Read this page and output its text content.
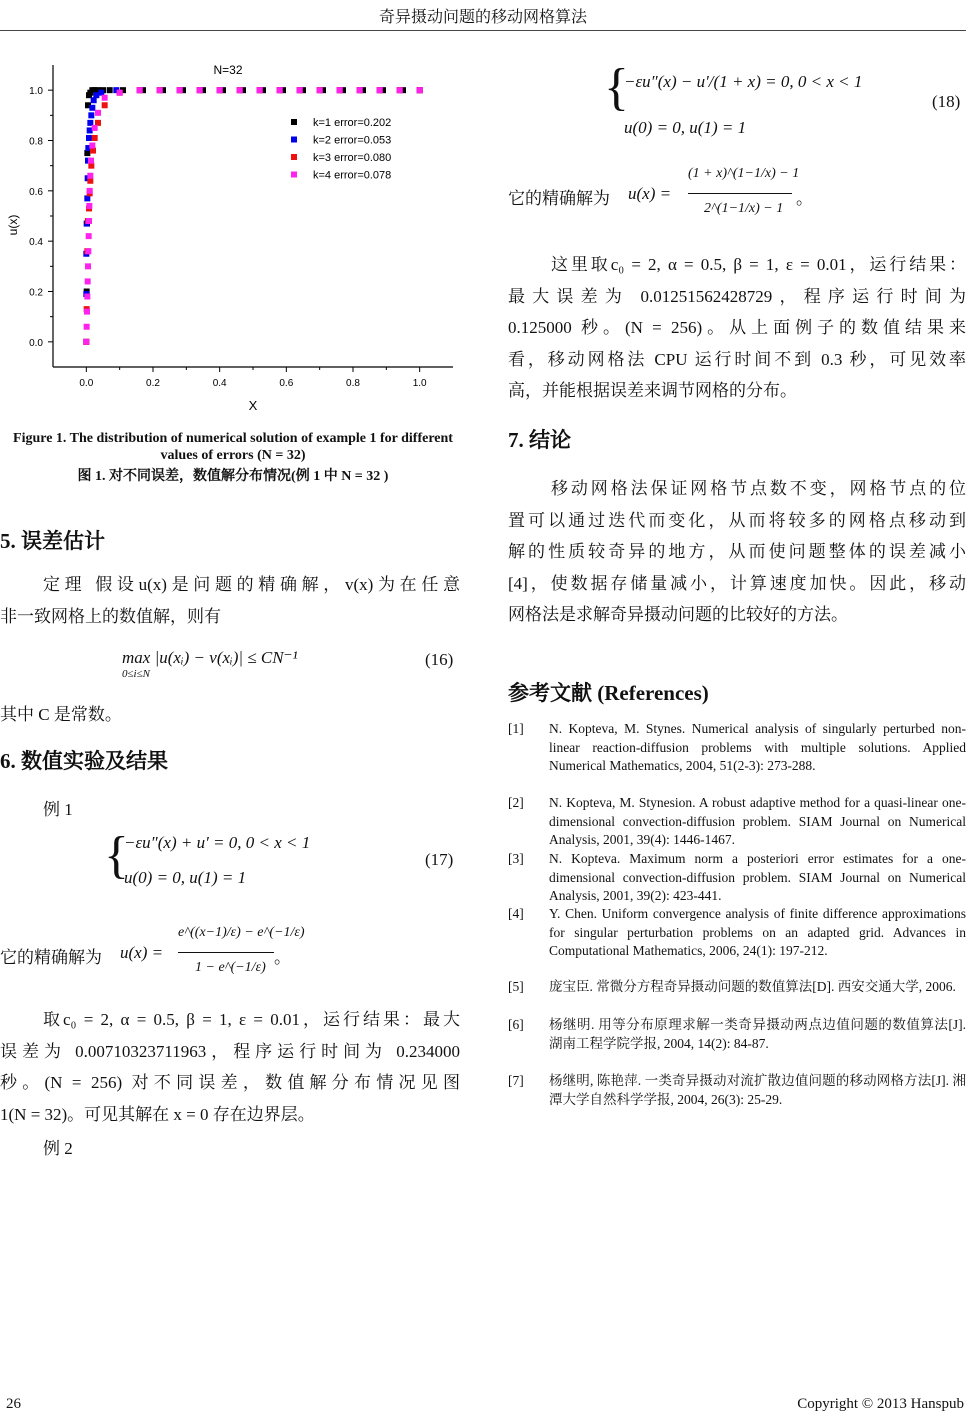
奇异摄动问题的移动网格算法
0.0	0.2	0.4	0.6	0.8	1.0
0.0
0.2
0.4
0.6
0.8
1.0
N=32
X
u(x)
k=1 error=0.202
k=2 error=0.053
k=3 error=0.080
k=4 error=0.078
Figure 1. The distribution of numerical solution of example 1 for different values of errors (N = 32)
图 1. 对不同误差，数值解分布情况(例 1 中 N = 32 )
5. 误差估计
定理 假设u(x)是问题的精确解，v(x)为在任意
非一致网格上的数值解，则有
max |u(xᵢ) − v(xᵢ)| ≤ CN⁻¹
0≤i≤N
(16)
其中 C 是常数。
6. 数值实验及结果
例 1
{
−εu″(x) + u′ = 0, 0 < x < 1
u(0) = 0, u(1) = 1
(17)
它的精确解为 u(x) =
e^((x−1)/ε) − e^(−1/ε)
1 − e^(−1/ε)
。
取c₀ = 2, α = 0.5, β = 1, ε = 0.01，运行结果：最大
误差为 0.00710323711963，程序运行时间为 0.234000
秒。(N = 256) 对不同误差，数值解分布情况见图
1(N = 32)。可见其解在 x = 0 存在边界层。
例 2
{
−εu″(x) − u′/(1 + x) = 0, 0 < x < 1
u(0) = 0, u(1) = 1
(18)
它的精确解为 u(x) =
(1 + x)^(1−1/x) − 1
2^(1−1/x) − 1
。
这里取c₀ = 2, α = 0.5, β = 1, ε = 0.01，运行结果：
最大误差为 0.01251562428729，程序运行时间为
0.125000 秒。(N = 256)。从上面例子的数值结果来
看，移动网格法 CPU 运行时间不到 0.3 秒，可见效率
高，并能根据误差来调节网格的分布。
7. 结论
移动网格法保证网格节点数不变，网格节点的位
置可以通过迭代而变化，从而将较多的网格点移动到
解的性质较奇异的地方，从而使问题整体的误差减小
[4]，使数据存储量减小，计算速度加快。因此，移动
网格法是求解奇异摄动问题的比较好的方法。
参考文献 (References)
[1] N. Kopteva, M. Stynes. Numerical analysis of singularly perturbed non-linear reaction-diffusion problems with multiple solutions. Applied Numerical Mathematics, 2004, 51(2-3): 273-288.
[2] N. Kopteva, M. Stynesion. A robust adaptive method for a quasi-linear one-dimensional convection-diffusion problem. SIAM Journal on Numerical Analysis, 2001, 39(4): 1446-1467.
[3] N. Kopteva. Maximum norm a posteriori error estimates for a one-dimensional convection-diffusion problem. SIAM Journal on Numerical Analysis, 2001, 39(2): 423-441.
[4] Y. Chen. Uniform convergence analysis of finite difference approximations for singular perturbation problems on an adapted grid. Advances in Computational Mathematics, 2006, 24(1): 197-212.
[5] 庞宝臣. 常微分方程奇异摄动问题的数值算法[D]. 西安交通大学, 2006.
[6] 杨继明. 用等分布原理求解一类奇异摄动两点边值问题的数值算法[J]. 湖南工程学院学报, 2004, 14(2): 84-87.
[7] 杨继明, 陈艳萍. 一类奇异摄动对流扩散边值问题的移动网格方法[J]. 湘潭大学自然科学学报, 2004, 26(3): 25-29.
26	Copyright © 2013 Hanspub
